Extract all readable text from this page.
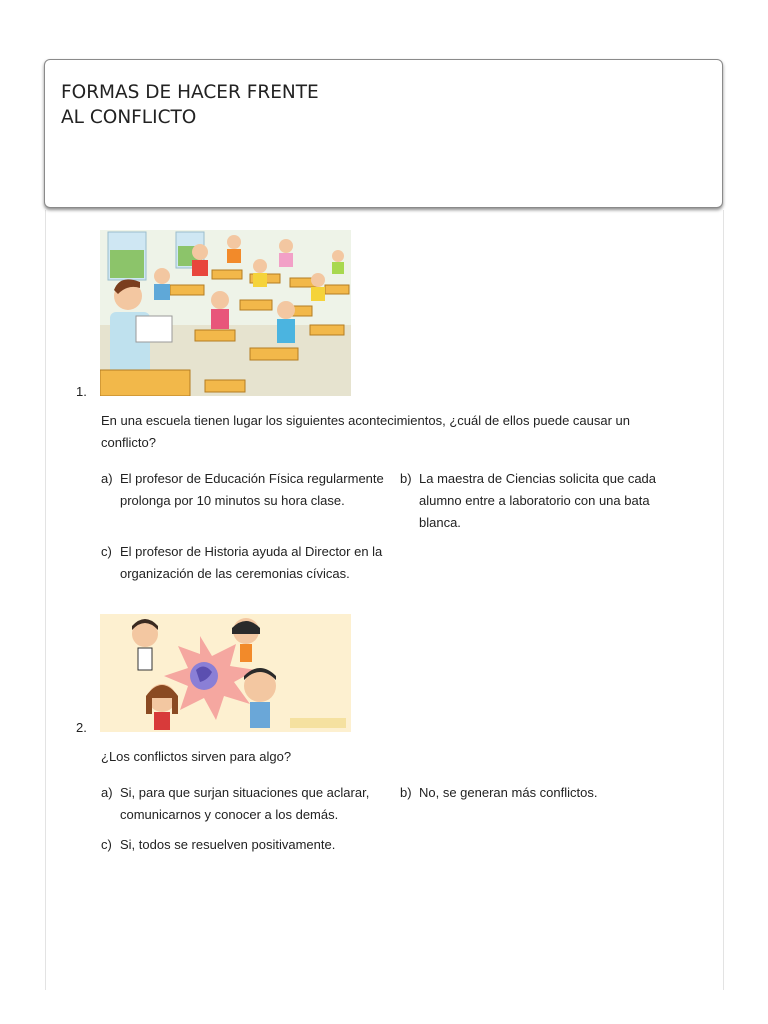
FORMAS DE HACER FRENTE
AL CONFLICTO
1.
En una escuela tienen lugar los siguientes acontecimientos, ¿cuál de ellos puede causar un conflicto?
a) El profesor de Educación Física regularmente prolonga por 10 minutos su hora clase.
b) La maestra de Ciencias solicita que cada alumno entre a laboratorio con una bata blanca.
c) El profesor de Historia ayuda al Director en la organización de las ceremonias cívicas.
2.
¿Los conflictos sirven para algo?
a) Si, para que surjan situaciones que aclarar, comunicarnos y conocer a los demás.
b) No, se generan más conflictos.
c) Si, todos se resuelven positivamente.
